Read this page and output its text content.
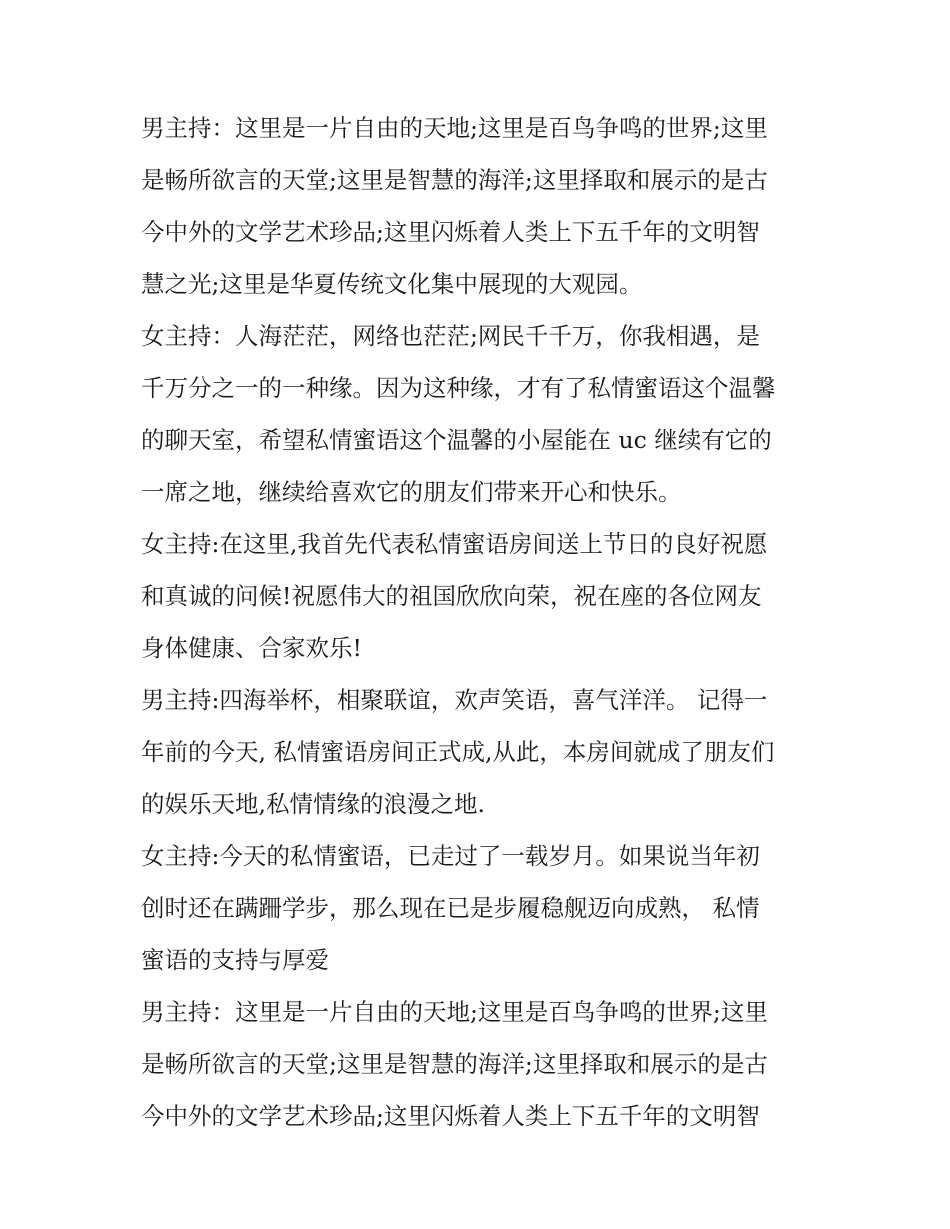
男主持：这里是一片自由的天地;这里是百鸟争鸣的世界;这里
是畅所欲言的天堂;这里是智慧的海洋;这里择取和展示的是古
今中外的文学艺术珍品;这里闪烁着人类上下五千年的文明智
慧之光;这里是华夏传统文化集中展现的大观园。

女主持：人海茫茫，网络也茫茫;网民千千万，你我相遇，是
千万分之一的一种缘。因为这种缘，才有了私情蜜语这个温馨
的聊天室，希望私情蜜语这个温馨的小屋能在 uc 继续有它的
一席之地，继续给喜欢它的朋友们带来开心和快乐。

女主持:在这里,我首先代表私情蜜语房间送上节日的良好祝愿
和真诚的问候!祝愿伟大的祖国欣欣向荣，祝在座的各位网友
身体健康、合家欢乐!

男主持:四海举杯，相聚联谊，欢声笑语，喜气洋洋。 记得一
年前的今天, 私情蜜语房间正式成,从此，本房间就成了朋友们
的娱乐天地,私情情缘的浪漫之地.

女主持:今天的私情蜜语，已走过了一载岁月。如果说当年初
创时还在蹒跚学步，那么现在已是步履稳舰迈向成熟， 私情
蜜语的支持与厚爱

男主持：这里是一片自由的天地;这里是百鸟争鸣的世界;这里
是畅所欲言的天堂;这里是智慧的海洋;这里择取和展示的是古
今中外的文学艺术珍品;这里闪烁着人类上下五千年的文明智
